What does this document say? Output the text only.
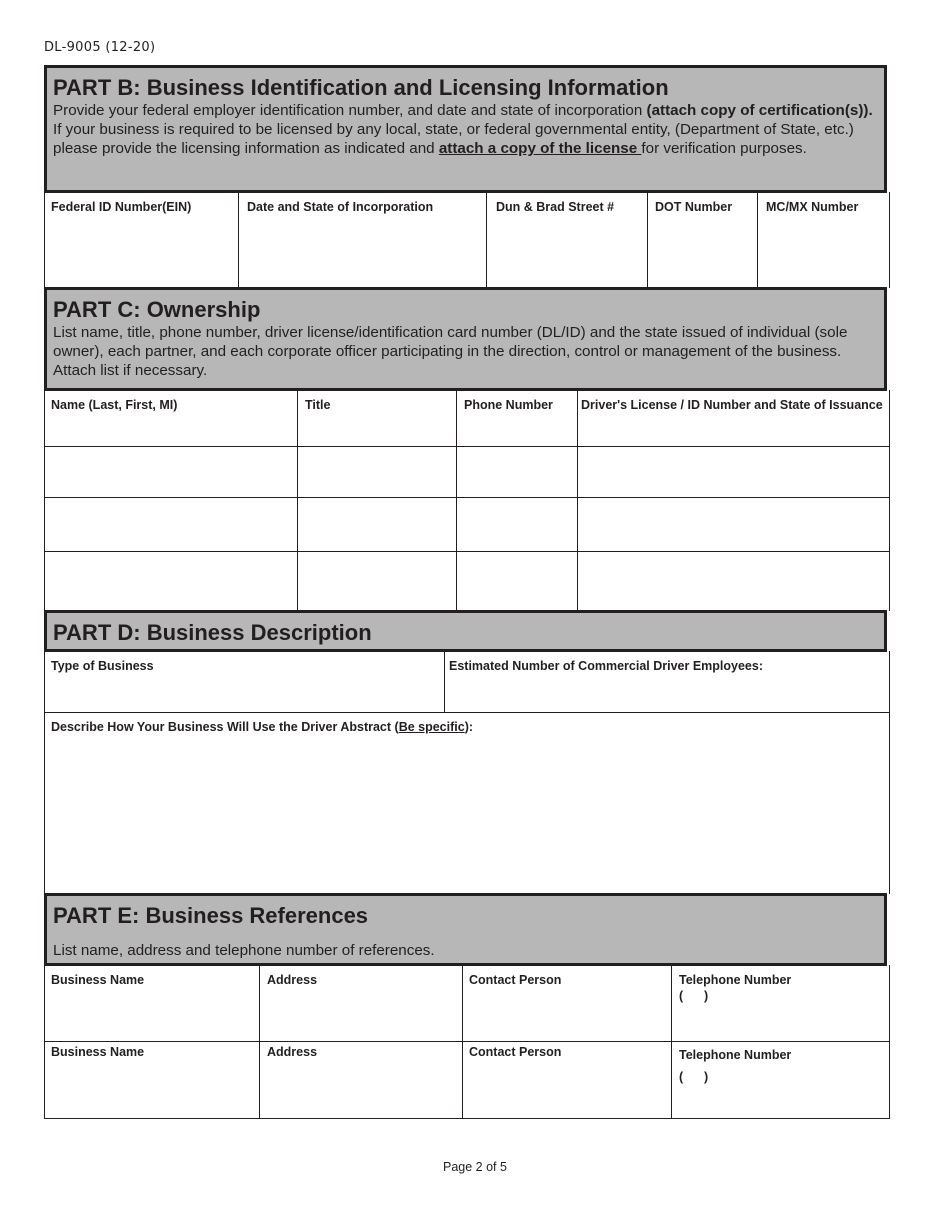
DL-9005 (12-20)
PART B: Business Identification and Licensing Information

Provide your federal employer identification number, and date and state of incorporation (attach copy of certification(s)). If your business is required to be licensed by any local, state, or federal governmental entity, (Department of State, etc.) please provide the licensing information as indicated and attach a copy of the license for verification purposes.

Federal ID Number(EIN)	Date and State of Incorporation	Dun & Brad Street #	DOT Number	MC/MX Number
PART C: Ownership

List name, title, phone number, driver license/identification card number (DL/ID) and the state issued of individual (sole owner), each partner, and each corporate officer participating in the direction, control or management of the business. Attach list if necessary.

Name (Last, First, MI)	Title	Phone Number	Driver's License / ID Number and State of Issuance
PART D: Business Description
Type of Business	Estimated Number of Commercial Driver Employees:
Describe How Your Business Will Use the Driver Abstract (Be specific):
PART E: Business References

List name, address and telephone number of references.

Business Name	Address	Contact Person	Telephone Number
(      )
Business Name	Address	Contact Person	Telephone Number
(      )
Page 2 of 5
